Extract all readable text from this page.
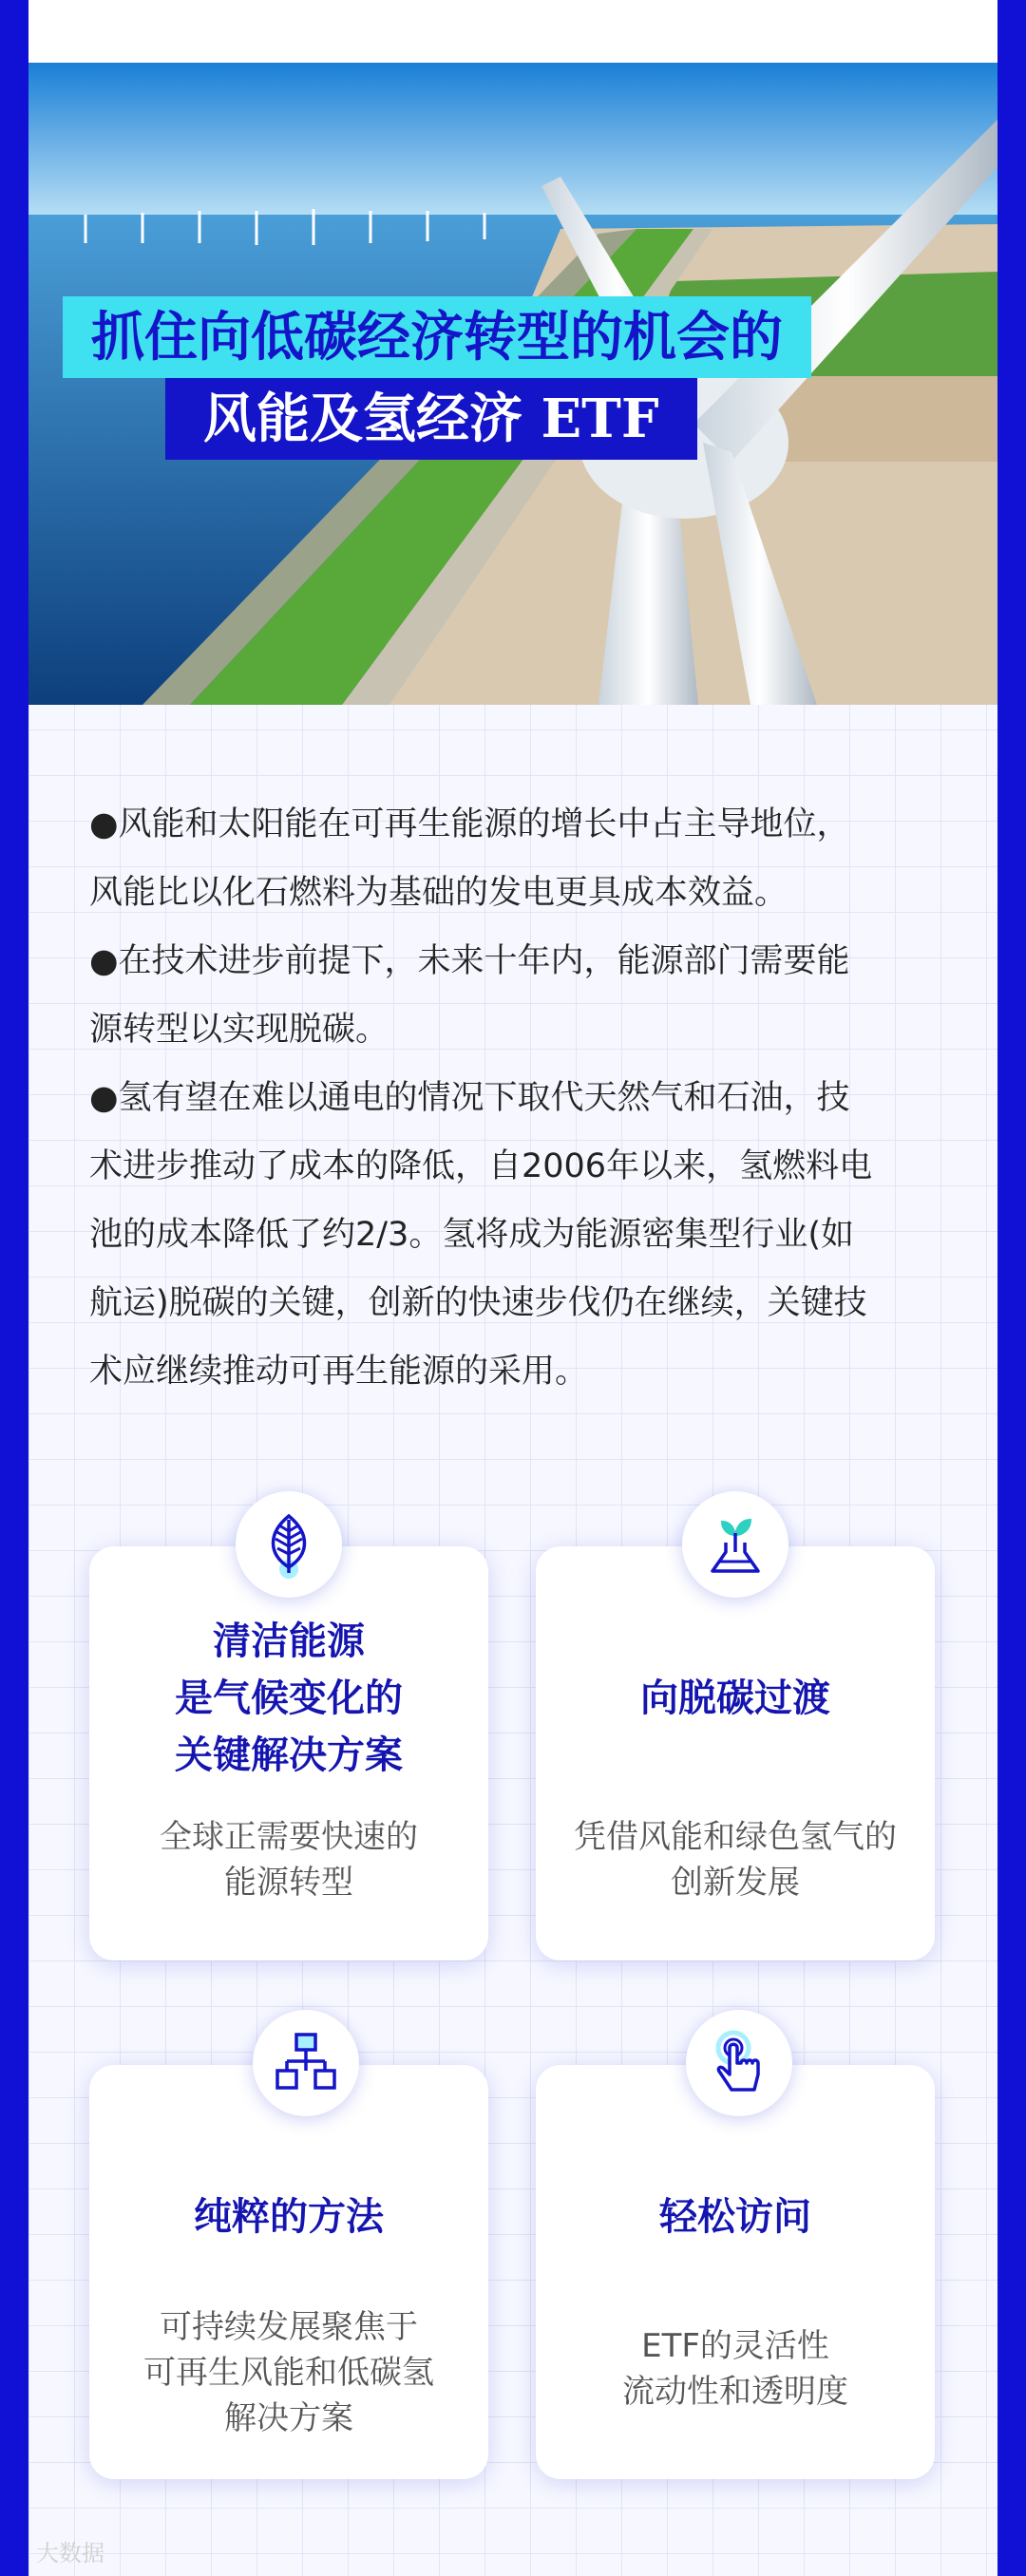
抓住向低碳经济转型的机会的
风能及氢经济 ETF

●风能和太阳能在可再生能源的增长中占主导地位，

风能比以化石燃料为基础的发电更具成本效益。

●在技术进步前提下，未来十年内，能源部门需要能

源转型以实现脱碳。

●氢有望在难以通电的情况下取代天然气和石油，技

术进步推动了成本的降低，自2006年以来，氢燃料电

池的成本降低了约2/3。氢将成为能源密集型行业(如

航运)脱碳的关键，创新的快速步伐仍在继续，关键技

术应继续推动可再生能源的采用。

清洁能源
是气候变化的
关键解决方案
全球正需要快速的
能源转型
向脱碳过渡
凭借风能和绿色氢气的
创新发展
纯粹的方法
可持续发展聚焦于
可再生风能和低碳氢
解决方案
轻松访问
ETF的灵活性
流动性和透明度
大数据
